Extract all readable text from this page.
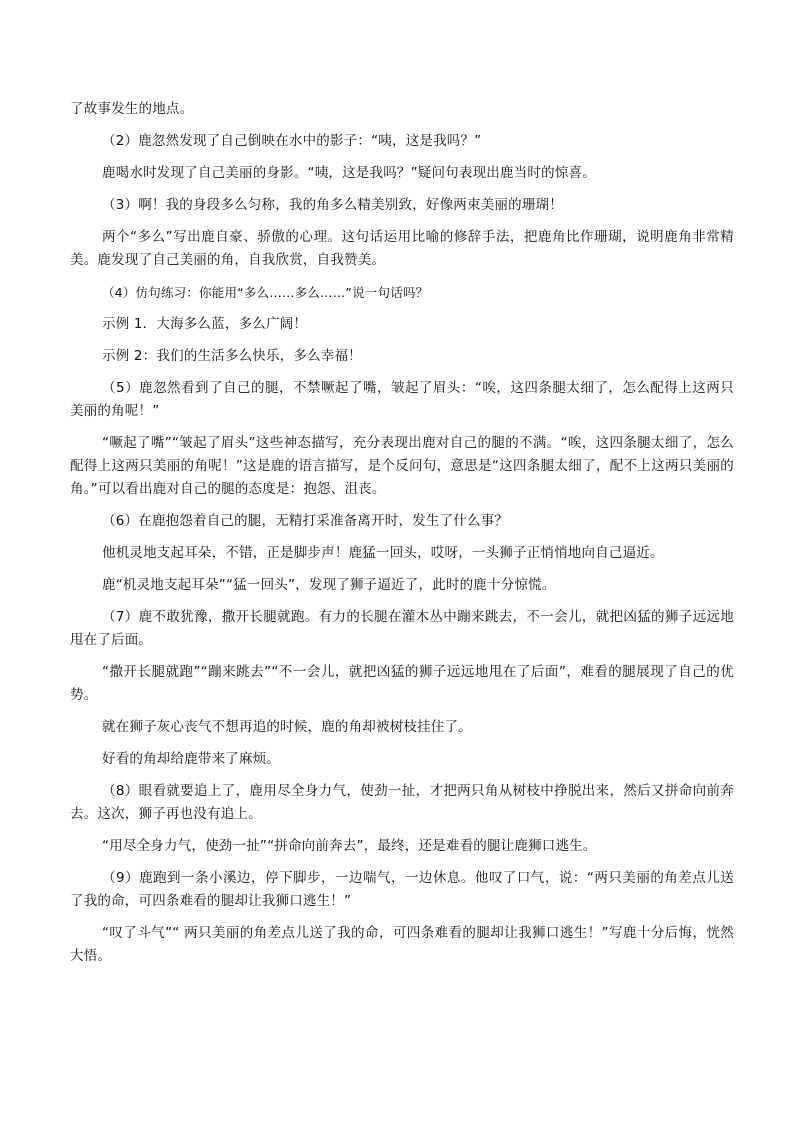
了故事发生的地点。
（2）鹿忽然发现了自己倒映在水中的影子：“咦，这是我吗？”
鹿喝水时发现了自己美丽的身影。“咦，这是我吗？”疑问句表现出鹿当时的惊喜。
（3）啊！我的身段多么匀称，我的角多么精美别致，好像两束美丽的珊瑚！
两个“多么”写出鹿自豪、骄傲的心理。这句话运用比喻的修辞手法，把鹿角比作珊瑚，说明鹿角非常精美。鹿发现了自己美丽的角，自我欣赏，自我赞美。
（4）仿句练习：你能用“多么……多么……”说一句话吗？
示例 1．大海多么蓝，多么广阔！
示例 2：我们的生活多么快乐，多么幸福！
（5）鹿忽然看到了自己的腿，不禁噘起了嘴，皱起了眉头：“唉，这四条腿太细了，怎么配得上这两只美丽的角呢！”
“噘起了嘴”“皱起了眉头”这些神态描写，充分表现出鹿对自己的腿的不满。“唉，这四条腿太细了，怎么配得上这两只美丽的角呢！”这是鹿的语言描写，是个反问句，意思是“这四条腿太细了，配不上这两只美丽的角。”可以看出鹿对自己的腿的态度是：抱怨、沮丧。
（6）在鹿抱怨着自己的腿，无精打采准备离开时，发生了什么事？
他机灵地支起耳朵，不错，正是脚步声！鹿猛一回头，哎呀，一头狮子正悄悄地向自己逼近。
鹿“机灵地支起耳朵”“猛一回头”，发现了狮子逼近了，此时的鹿十分惊慌。
（7）鹿不敢犹豫，撒开长腿就跑。有力的长腿在灌木丛中蹦来跳去，不一会儿，就把凶猛的狮子远远地甩在了后面。
“撒开长腿就跑”“蹦来跳去”“不一会儿，就把凶猛的狮子远远地甩在了后面”，难看的腿展现了自己的优势。
就在狮子灰心丧气不想再追的时候，鹿的角却被树枝挂住了。
好看的角却给鹿带来了麻烦。
（8）眼看就要追上了，鹿用尽全身力气，使劲一扯，才把两只角从树枝中挣脱出来，然后又拼命向前奔去。这次，狮子再也没有追上。
“用尽全身力气，使劲一扯”“拼命向前奔去”，最终，还是难看的腿让鹿狮口逃生。
（9）鹿跑到一条小溪边，停下脚步，一边喘气，一边休息。他叹了口气，说：“两只美丽的角差点儿送了我的命，可四条难看的腿却让我狮口逃生！”
“叹了斗气”“ 两只美丽的角差点儿送了我的命，可四条难看的腿却让我狮口逃生！”写鹿十分后悔，恍然大悟。
